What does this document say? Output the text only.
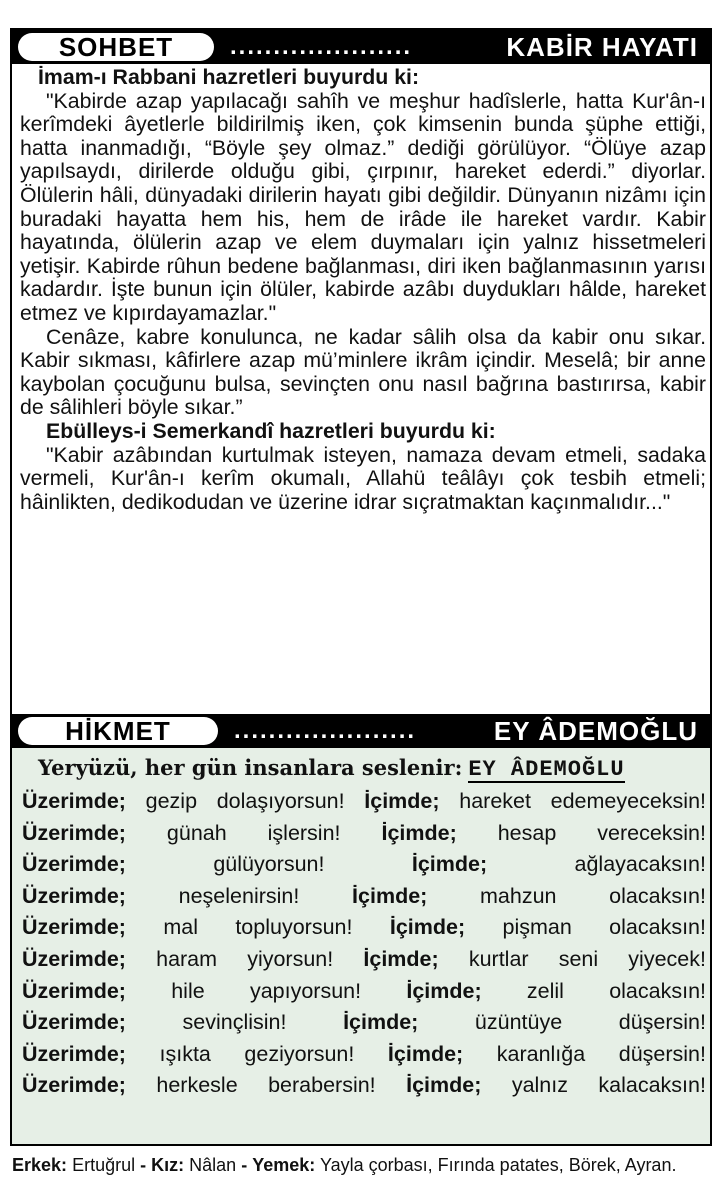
SOHBET	.....................	KABİR HAYATI

İmam-ı Rabbani hazretleri buyurdu ki:

"Kabirde azap yapılacağı sahîh ve meşhur hadîslerle, hatta Kur'ân-ı kerîmdeki âyetlerle bildirilmiş iken, çok kimsenin bunda şüphe ettiği, hatta inanmadığı, “Böyle şey olmaz.” dediği görülüyor. “Ölüye azap yapılsaydı, dirilerde olduğu gibi, çırpınır, hareket ederdi.” diyorlar. Ölülerin hâli, dünyadaki dirilerin hayatı gibi değildir. Dünyanın nizâmı için buradaki hayatta hem his, hem de irâde ile hareket vardır. Kabir hayatında, ölülerin azap ve elem duymaları için yalnız hissetmeleri yetişir. Kabirde rûhun bedene bağlanması, diri iken bağlanmasının yarısı kadardır. İşte bunun için ölüler, kabirde azâbı duydukları hâlde, hareket etmez ve kıpırdayamazlar."

Cenâze, kabre konulunca, ne kadar sâlih olsa da kabir onu sıkar. Kabir sıkması, kâfirlere azap mü’minlere ikrâm içindir. Meselâ; bir anne kaybolan çocuğunu bulsa, sevinçten onu nasıl bağrına bastırırsa, kabir de sâlihleri böyle sıkar.”

Ebülleys-i Semerkandî hazretleri buyurdu ki:

"Kabir azâbından kurtulmak isteyen, namaza devam etmeli, sadaka vermeli, Kur'ân-ı kerîm okumalı, Allahü teâlâyı çok tesbih etmeli; hâinlikten, dedikodudan ve üzerine idrar sıçratmaktan kaçınmalıdır..."

HİKMET	.....................	EY ÂDEMOĞLU
Yeryüzü, her gün insanlara seslenir: EY ÂDEMOĞLU
Üzerimde; gezip dolaşıyorsun! İçimde; hareket edemeyeceksin!
Üzerimde; günah işlersin! İçimde; hesap vereceksin!
Üzerimde;	gülüyorsun!	İçimde;	ağlayacaksın!
Üzerimde; neşelenirsin! İçimde; mahzun olacaksın!
Üzerimde; mal topluyorsun! İçimde; pişman olacaksın!
Üzerimde; haram yiyorsun! İçimde; kurtlar seni yiyecek!
Üzerimde; hile yapıyorsun! İçimde; zelil olacaksın!
Üzerimde;	sevinçlisin!	İçimde;	üzüntüye düşersin!
Üzerimde; ışıkta geziyorsun! İçimde; karanlığa düşersin!
Üzerimde; herkesle berabersin! İçimde; yalnız kalacaksın!
Erkek: Ertuğrul - Kız: Nâlan - Yemek: Yayla çorbası, Fırında patates, Börek, Ayran.
